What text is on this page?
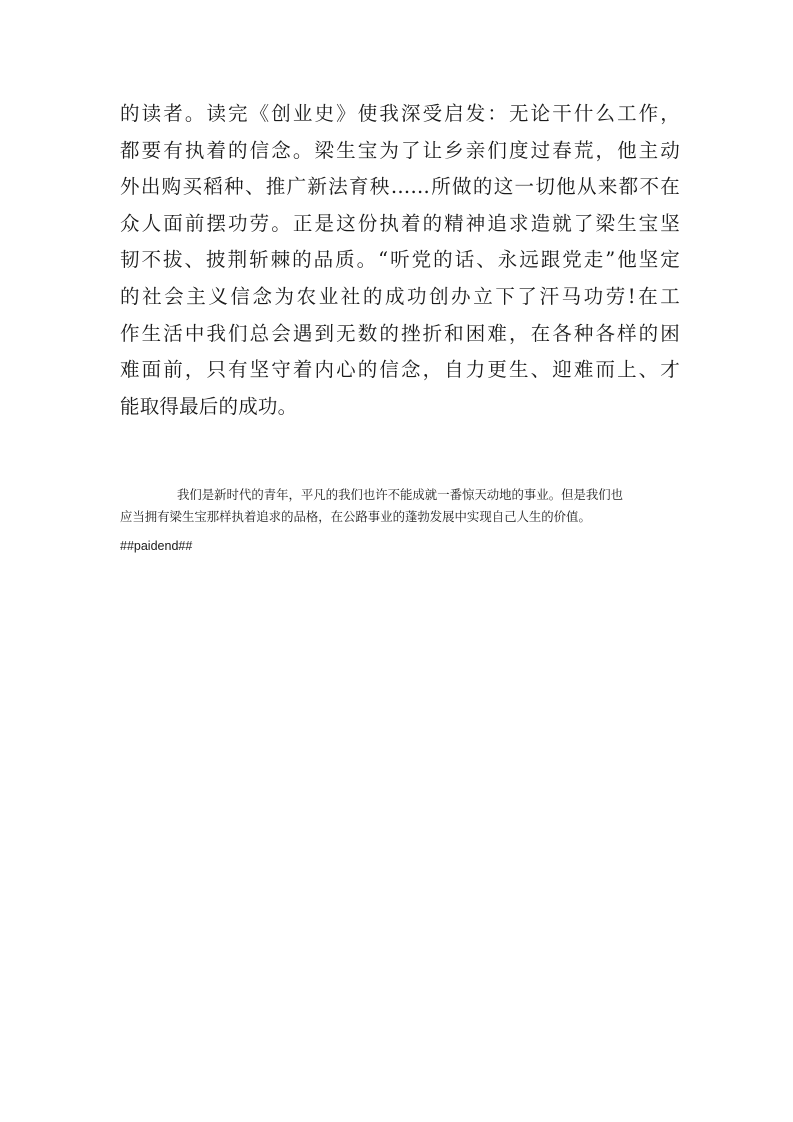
的读者。读完《创业史》使我深受启发：无论干什么工作，
都要有执着的信念。梁生宝为了让乡亲们度过春荒，他主动
外出购买稻种、推广新法育秧……所做的这一切他从来都不在
众人面前摆功劳。正是这份执着的精神追求造就了梁生宝坚
韧不拔、披荆斩棘的品质。“听党的话、永远跟党走”他坚定
的社会主义信念为农业社的成功创办立下了汗马功劳!在工
作生活中我们总会遇到无数的挫折和困难，在各种各样的困
难面前，只有坚守着内心的信念，自力更生、迎难而上、才
能取得最后的成功。
我们是新时代的青年，平凡的我们也许不能成就一番惊天动地的事业。但是我们也
应当拥有梁生宝那样执着追求的品格，在公路事业的蓬勃发展中实现自己人生的价值。
##paidend##
